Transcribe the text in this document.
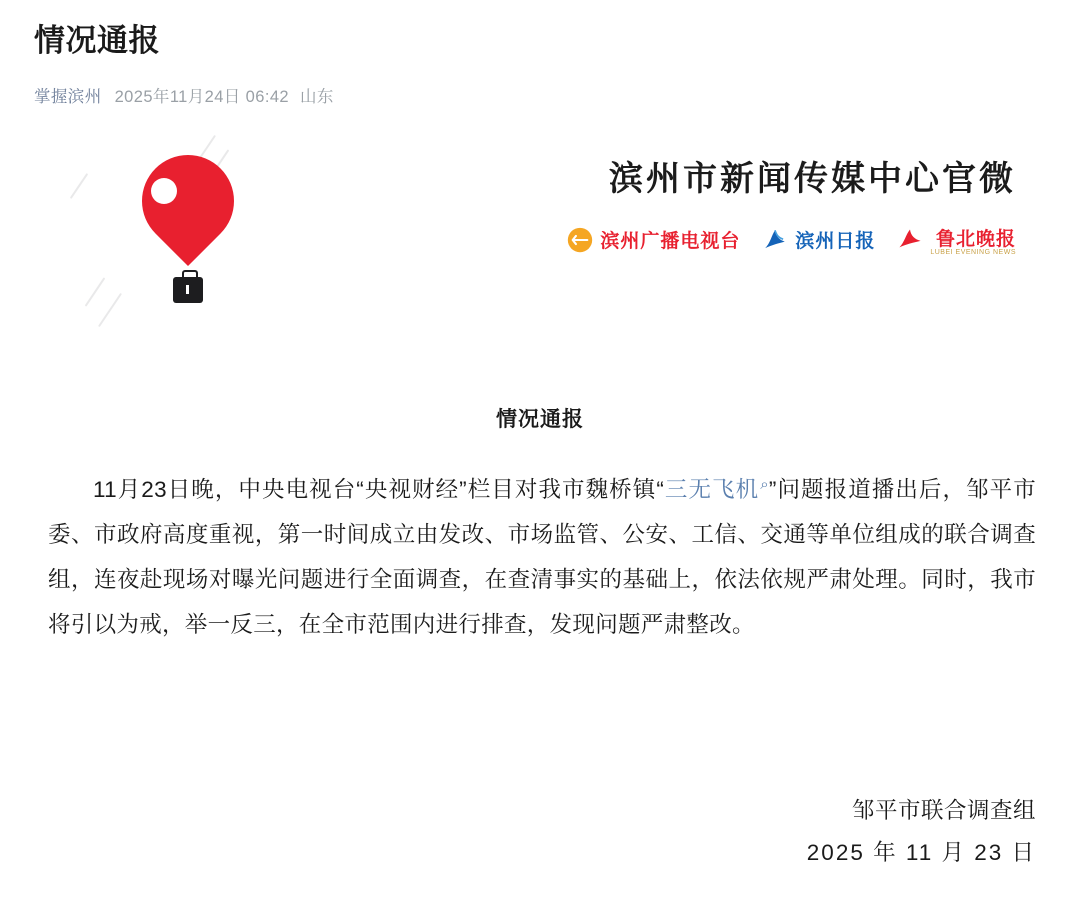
情况通报
掌握滨州 2025年11月24日 06:42 山东
滨州市新闻传媒中心官微
滨州广播电视台	滨州日报	鲁北晚报
LUBEI EVENING NEWS
情况通报
11月23日晚，中央电视台“央视财经”栏目对我市魏桥镇“三无飞机⌕”问题报道播出后，邹平市委、市政府高度重视，第一时间成立由发改、市场监管、公安、工信、交通等单位组成的联合调查组，连夜赴现场对曝光问题进行全面调查，在查清事实的基础上，依法依规严肃处理。同时，我市将引以为戒，举一反三，在全市范围内进行排查，发现问题严肃整改。
邹平市联合调查组
2025 年 11 月 23 日
